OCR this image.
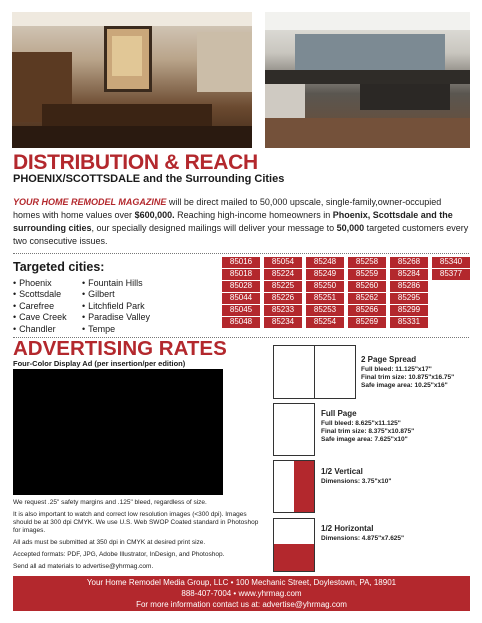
DISTRIBUTION & REACH
PHOENIX/SCOTTSDALE and the Surrounding Cities
YOUR HOME REMODEL MAGAZINE will be direct mailed to 50,000 upscale, single-family,owner-occupied homes with home values over $600,000. Reaching high-income homeowners in Phoenix, Scottsdale and the surrounding cities, our specially designed mailings will deliver your message to 50,000 targeted customers every two consecutive issues.
Targeted cities:
• Phoenix
• Scottsdale
• Carefree
• Cave Creek
• Chandler
• Fountain Hills
• Gilbert
• Litchfield Park
• Paradise Valley
• Tempe
85016	85054	85248	85258	85268	85340
85018	85224	85249	85259	85284	85377
85028	85225	85250	85260	85286
85044	85226	85251	85262	85295
85045	85233	85253	85266	85299
85048	85234	85254	85269	85331
ADVERTISING RATES
Four-Color Display Ad (per insertion/per edition)

We request .25" safety margins and .125" bleed, regardless of size.

It is also important to watch and correct low resolution images (<300 dpi). Images should be at 300 dpi CMYK. We use U.S. Web SWOP Coated standard in Photoshop for images.

All ads must be submitted at 350 dpi in CMYK at desired print size.

Accepted formats: PDF, JPG, Adobe Illustrator, InDesign, and Photoshop.

Send all ad materials to advertise@yhrmag.com.

2 Page Spread
Full bleed: 11.125"x17"
Final trim size: 10.875"x16.75"
Safe image area: 10.25"x16"
Full Page
Full bleed: 8.625"x11.125"
Final trim size: 8.375"x10.875"
Safe image area: 7.625"x10"
1/2 Vertical
Dimensions: 3.75"x10"
1/2 Horizontal
Dimensions: 4.875"x7.625"
Your Home Remodel Media Group, LLC • 100 Mechanic Street, Doylestown, PA, 18901
888-407-7004 • www.yhrmag.com
For more information contact us at: advertise@yhrmag.com
